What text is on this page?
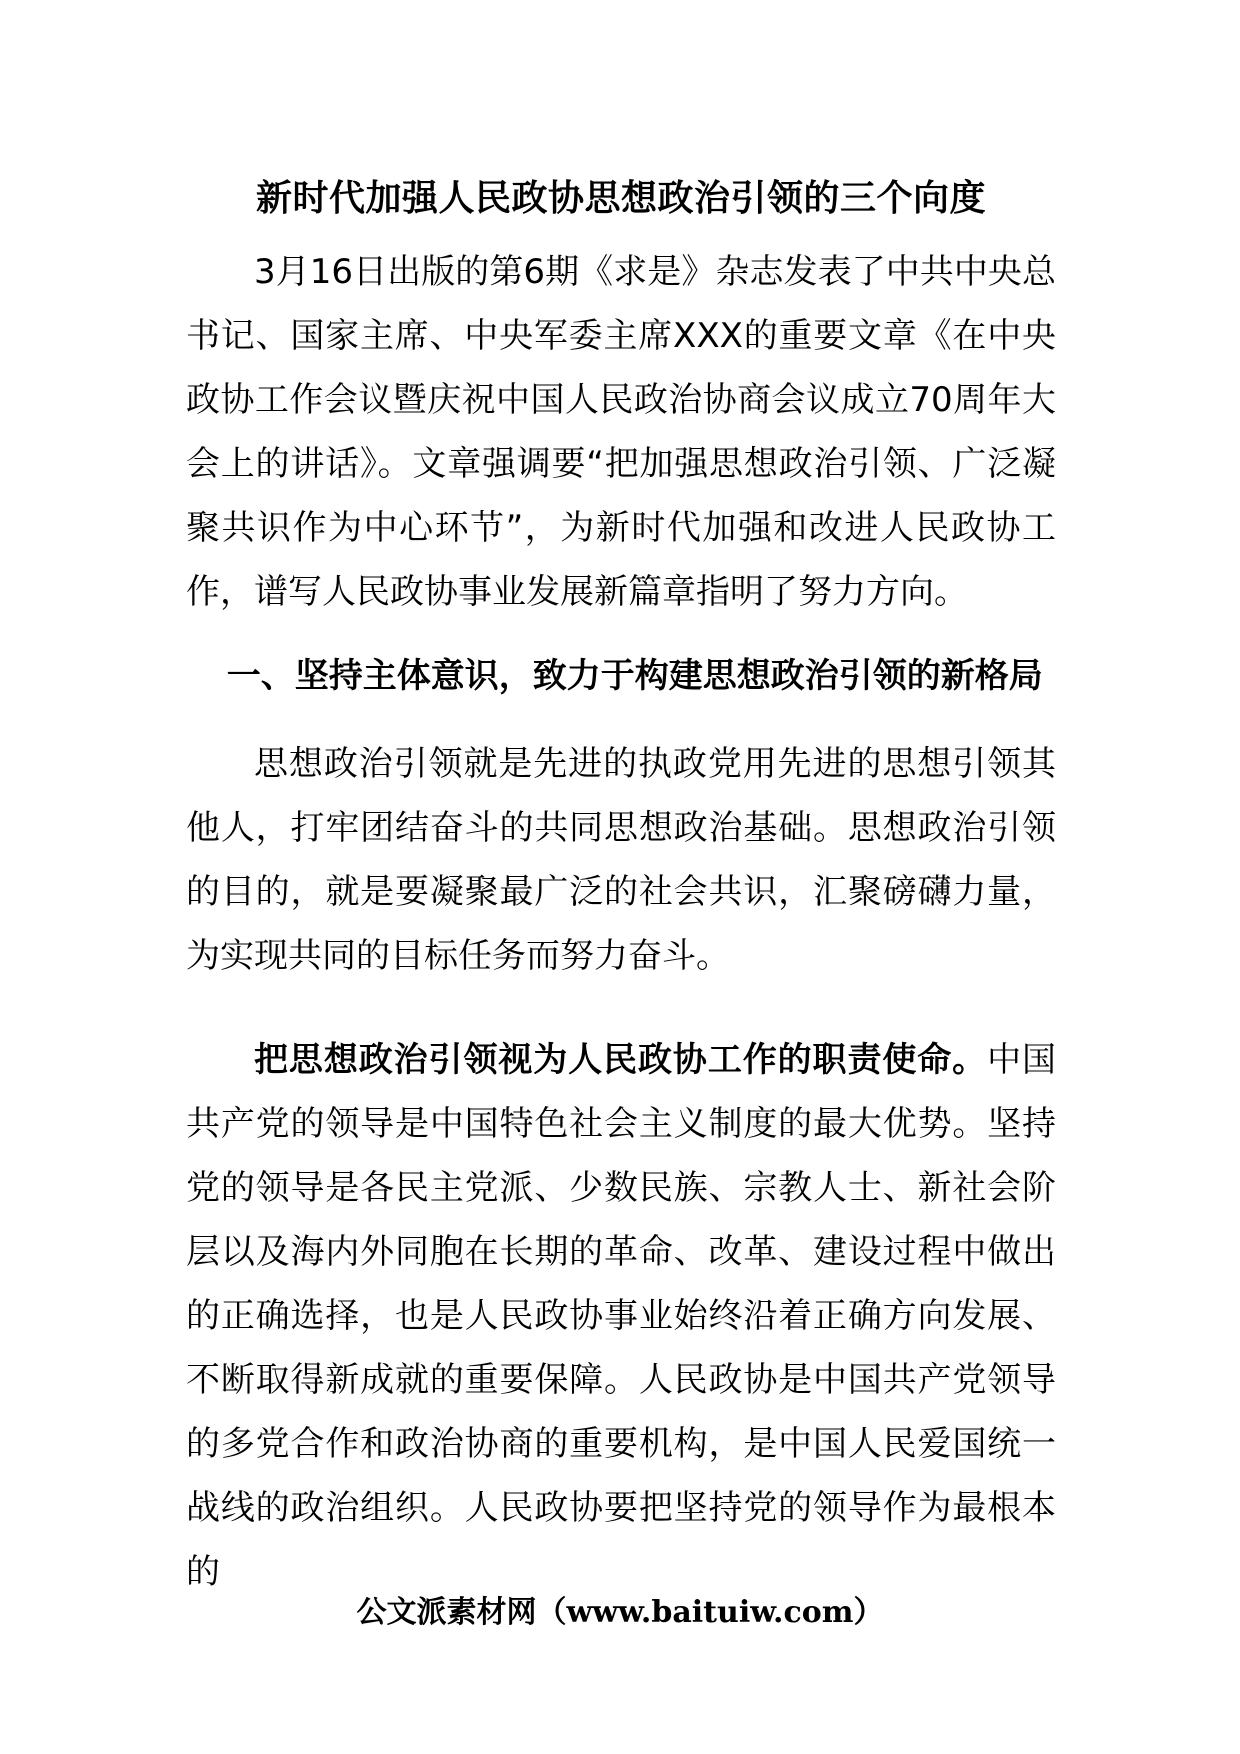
新时代加强人民政协思想政治引领的三个向度

3月16日出版的第6期《求是》杂志发表了中共中央总书记、国家主席、中央军委主席XXX的重要文章《在中央政协工作会议暨庆祝中国人民政治协商会议成立70周年大会上的讲话》。文章强调要“把加强思想政治引领、广泛凝聚共识作为中心环节”，为新时代加强和改进人民政协工作，谱写人民政协事业发展新篇章指明了努力方向。

一、坚持主体意识，致力于构建思想政治引领的新格局

思想政治引领就是先进的执政党用先进的思想引领其他人，打牢团结奋斗的共同思想政治基础。思想政治引领的目的，就是要凝聚最广泛的社会共识，汇聚磅礴力量，为实现共同的目标任务而努力奋斗。

把思想政治引领视为人民政协工作的职责使命。中国共产党的领导是中国特色社会主义制度的最大优势。坚持党的领导是各民主党派、少数民族、宗教人士、新社会阶层以及海内外同胞在长期的革命、改革、建设过程中做出的正确选择，也是人民政协事业始终沿着正确方向发展、不断取得新成就的重要保障。人民政协是中国共产党领导的多党合作和政治协商的重要机构，是中国人民爱国统一战线的政治组织。人民政协要把坚持党的领导作为最根本的

公文派素材网（www.baituiw.com）
